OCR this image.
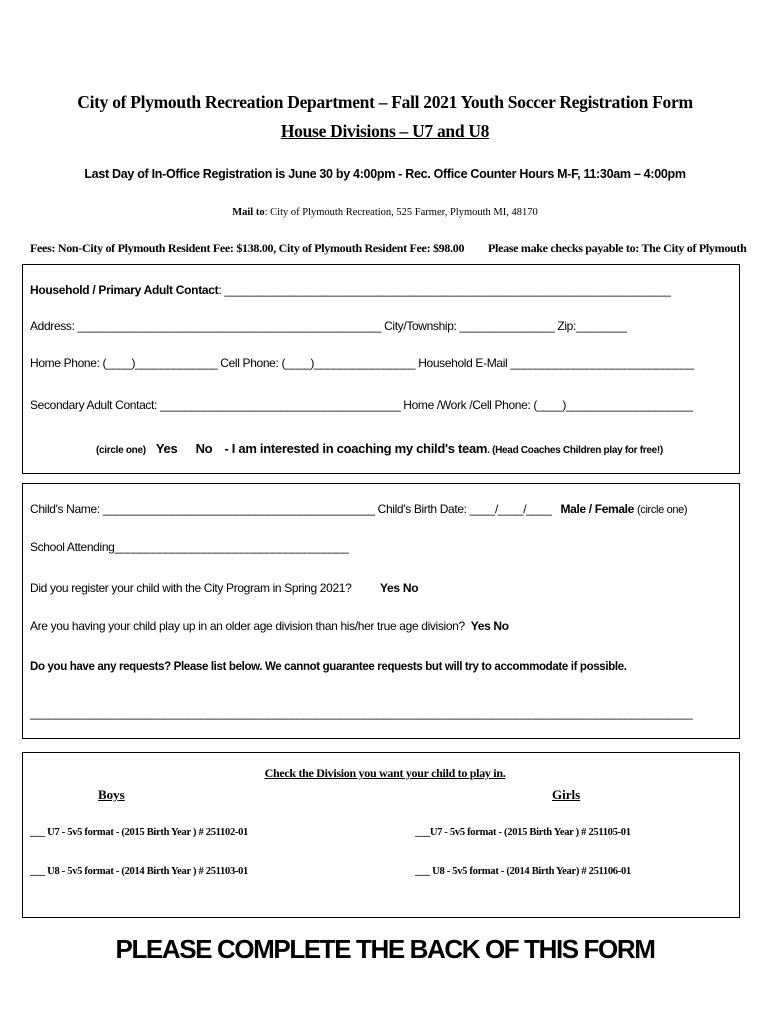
City of Plymouth Recreation Department – Fall 2021 Youth Soccer Registration Form
House Divisions – U7 and U8
Last Day of In-Office Registration is June 30 by 4:00pm - Rec. Office Counter Hours M-F, 11:30am – 4:00pm
Mail to: City of Plymouth Recreation, 525 Farmer, Plymouth MI, 48170
Fees: Non-City of Plymouth Resident Fee: $138.00, City of Plymouth Resident Fee: $98.00 Please make checks payable to: The City of Plymouth
Household / Primary Adult Contact: ______________________________________________________________________
Address: ________________________________________________ City/Township: _______________ Zip:________
Home Phone: (____)_____________ Cell Phone: (____)________________ Household E-Mail _____________________________
Secondary Adult Contact: ______________________________________ Home /Work /Cell Phone: (____)____________________
(circle one) Yes No - I am interested in coaching my child's team. (Head Coaches Children play for free!)
Child's Name: ___________________________________________ Child's Birth Date: ____/____/____ Male / Female (circle one)
School Attending_____________________________________
Did you register your child with the City Program in Spring 2021? Yes No
Are you having your child play up in an older age division than his/her true age division? Yes No
Do you have any requests? Please list below. We cannot guarantee requests but will try to accommodate if possible.
_____________________________________________________________________________________________________________
Check the Division you want your child to play in.
Boys	Girls
___ U7 - 5v5 format - (2015 Birth Year ) # 251102-01	___U7 - 5v5 format - (2015 Birth Year ) # 251105-01
___ U8 - 5v5 format - (2014 Birth Year ) # 251103-01	___ U8 - 5v5 format - (2014 Birth Year) # 251106-01
PLEASE COMPLETE THE BACK OF THIS FORM
